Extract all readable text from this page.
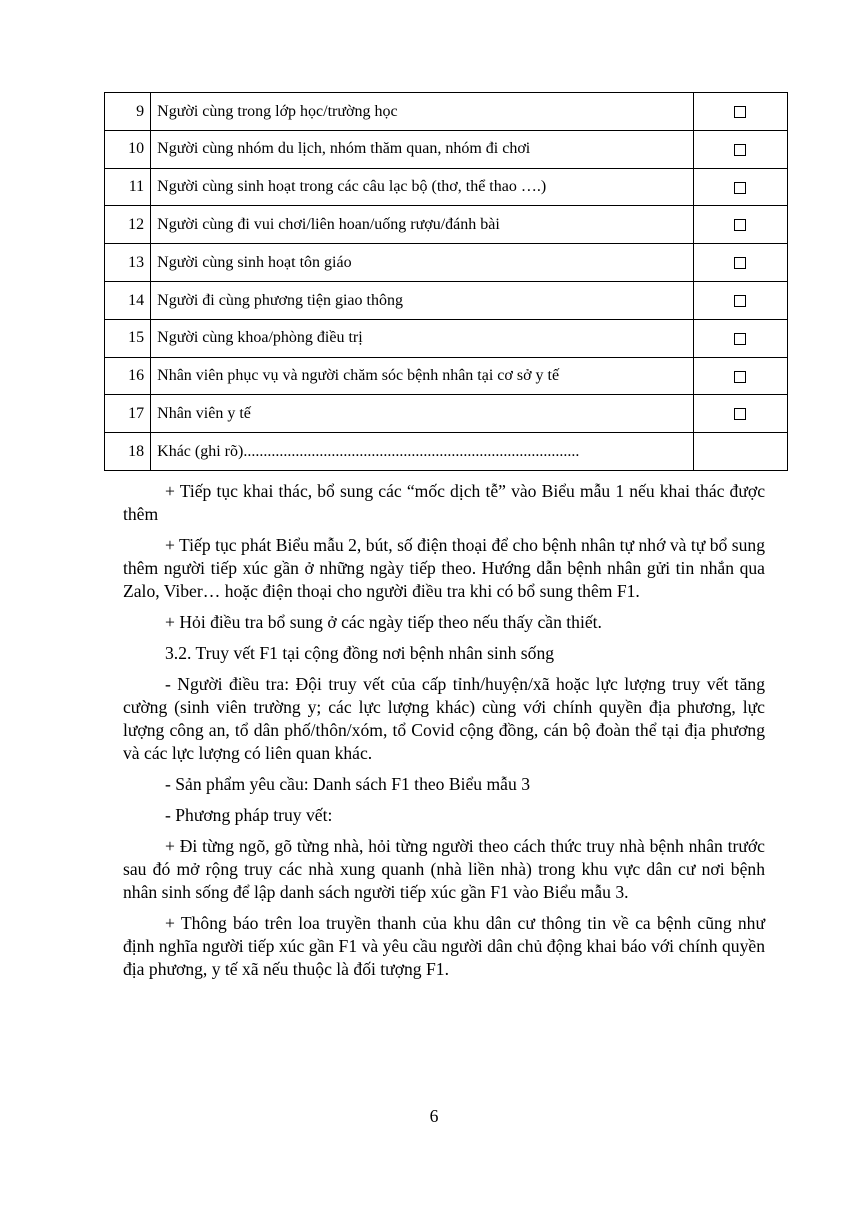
9	Người cùng trong lớp học/trường học	
10	Người cùng nhóm du lịch, nhóm thăm quan, nhóm đi chơi	
11	Người cùng sinh hoạt trong các câu lạc bộ (thơ, thể thao ….)	
12	Người cùng đi vui chơi/liên hoan/uống rượu/đánh bài	
13	Người cùng sinh hoạt tôn giáo	
14	Người đi cùng phương tiện giao thông	
15	Người cùng khoa/phòng điều trị	
16	Nhân viên phục vụ và người chăm sóc bệnh nhân tại cơ sở y tế	
17	Nhân viên y tế	
18	Khác (ghi rõ)....................................................................................	

+ Tiếp tục khai thác, bổ sung các “mốc dịch tễ” vào Biểu mẫu 1 nếu khai thác được thêm

+ Tiếp tục phát Biểu mẫu 2, bút, số điện thoại để cho bệnh nhân tự nhớ và tự bổ sung thêm người tiếp xúc gần ở những ngày tiếp theo. Hướng dẫn bệnh nhân gửi tin nhắn qua Zalo, Viber… hoặc điện thoại cho người điều tra khi có bổ sung thêm F1.

+ Hỏi điều tra bổ sung ở các ngày tiếp theo nếu thấy cần thiết.

3.2. Truy vết F1 tại cộng đồng nơi bệnh nhân sinh sống

- Người điều tra: Đội truy vết của cấp tỉnh/huyện/xã hoặc lực lượng truy vết tăng cường (sinh viên trường y; các lực lượng khác) cùng với chính quyền địa phương, lực lượng công an, tổ dân phố/thôn/xóm, tổ Covid cộng đồng, cán bộ đoàn thể tại địa phương và các lực lượng có liên quan khác.

- Sản phẩm yêu cầu: Danh sách F1 theo Biểu mẫu 3

- Phương pháp truy vết:

+ Đi từng ngõ, gõ từng nhà, hỏi từng người theo cách thức truy nhà bệnh nhân trước sau đó mở rộng truy các nhà xung quanh (nhà liền nhà) trong khu vực dân cư nơi bệnh nhân sinh sống để lập danh sách người tiếp xúc gần F1 vào Biểu mẫu 3.

+ Thông báo trên loa truyền thanh của khu dân cư thông tin về ca bệnh cũng như định nghĩa người tiếp xúc gần F1 và yêu cầu người dân chủ động khai báo với chính quyền địa phương, y tế xã nếu thuộc là đối tượng F1.

6
